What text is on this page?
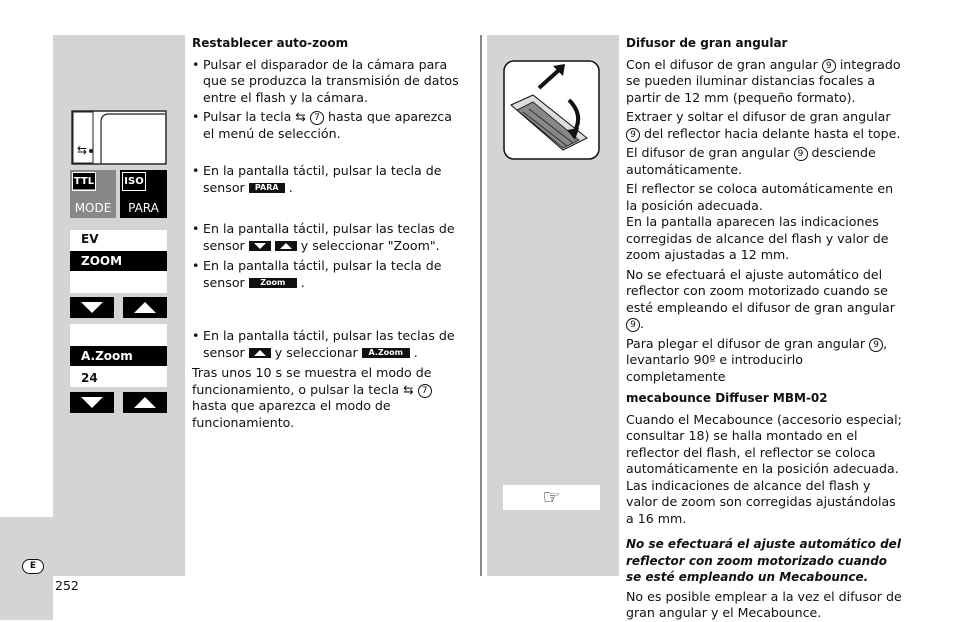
⇆
TTL
MODE
ISO
PARA
EV
ZOOM
A.Zoom
24
Restablecer auto-zoom
• Pulsar el disparador de la cámara para que se produzca la transmisión de datos entre el flash y la cámara.
• Pulsar la tecla ⇆ 7 hasta que aparezca el menú de selección.
• En la pantalla táctil, pulsar la tecla de sensor PARA .
• En la pantalla táctil, pulsar las teclas de sensor	y seleccionar "Zoom".
• En la pantalla táctil, pulsar la tecla de sensor Zoom .
• En la pantalla táctil, pulsar las teclas de sensor y seleccionar A.Zoom .
Tras unos 10 s se muestra el modo de funcionamiento, o pulsar la tecla ⇆ 7 hasta que aparezca el modo de funcionamiento.
☞
Difusor de gran angular
Con el difusor de gran angular 9 integrado se pueden iluminar distancias focales a partir de 12 mm (pequeño formato).
Extraer y soltar el difusor de gran angular 9 del reflector hacia delante hasta el tope.
El difusor de gran angular 9 desciende automáticamente.
El reflector se coloca automáticamente en la posición adecuada.
En la pantalla aparecen las indicaciones corregidas de alcance del flash y valor de zoom ajustadas a 12 mm.
No se efectuará el ajuste automático del reflector con zoom motorizado cuando se esté empleando el difusor de gran angular 9 .
Para plegar el difusor de gran angular 9 , levantarlo 90º e introducirlo completamente
mecabounce Diffuser MBM-02
Cuando el Mecabounce (accesorio especial; consultar 18) se halla montado en el reflector del flash, el reflector se coloca automáticamente en la posición adecuada. Las indicaciones de alcance del flash y valor de zoom son corregidas ajustándolas a 16 mm.
No se efectuará el ajuste automático del reflector con zoom motorizado cuando se esté empleando un Mecabounce.
No es posible emplear a la vez el difusor de gran angular y el Mecabounce.
E
252
